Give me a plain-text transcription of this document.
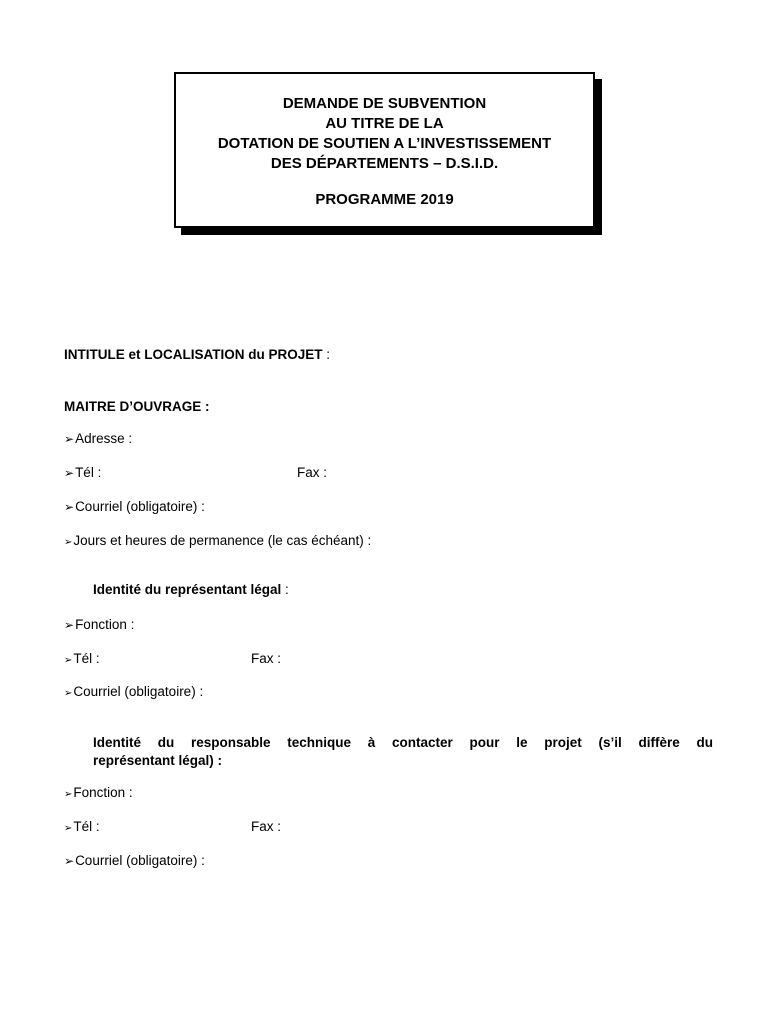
DEMANDE DE SUBVENTION
AU TITRE DE LA
DOTATION DE SOUTIEN A L’INVESTISSEMENT
DES DÉPARTEMENTS – D.S.I.D.
PROGRAMME 2019
INTITULE et LOCALISATION du PROJET :
MAITRE D’OUVRAGE :
➢Adresse :
➢Tél :	Fax :
➢Courriel (obligatoire) :
➢Jours et heures de permanence (le cas échéant) :
Identité du représentant légal :
➢Fonction :
➢Tél :	Fax :
➢Courriel (obligatoire) :
Identité du responsable technique à contacter pour le projet (s’il diffère du
représentant légal) :
➢Fonction :
➢Tél :	Fax :
➢Courriel (obligatoire) :
